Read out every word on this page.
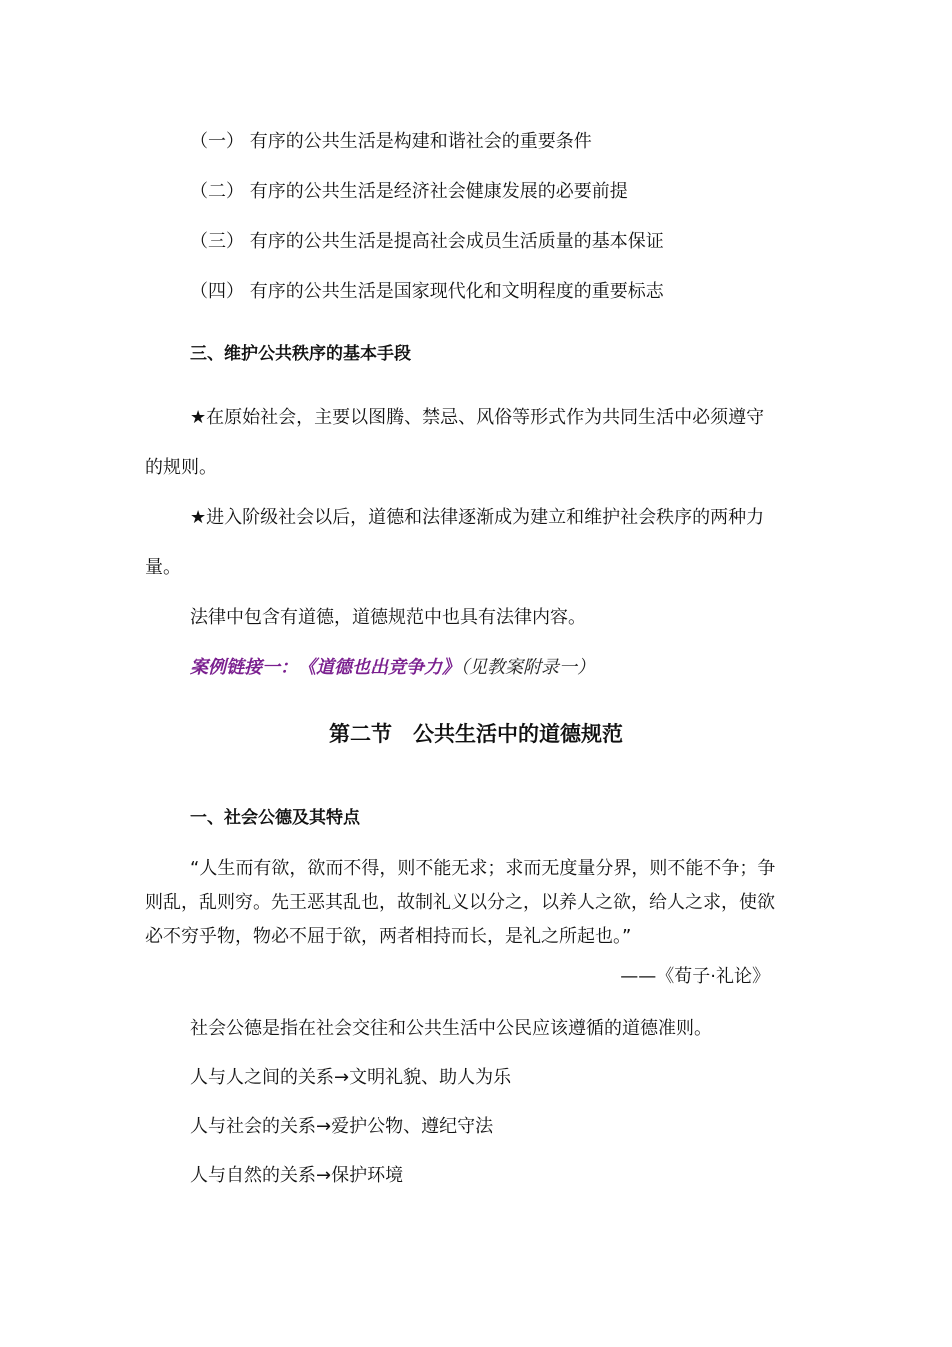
（一） 有序的公共生活是构建和谐社会的重要条件
（二） 有序的公共生活是经济社会健康发展的必要前提
（三） 有序的公共生活是提高社会成员生活质量的基本保证
（四） 有序的公共生活是国家现代化和文明程度的重要标志
三、维护公共秩序的基本手段
★在原始社会，主要以图腾、禁忌、风俗等形式作为共同生活中必须遵守
的规则。
★进入阶级社会以后，道德和法律逐渐成为建立和维护社会秩序的两种力
量。
法律中包含有道德，道德规范中也具有法律内容。
案例链接一：《道德也出竞争力》（见教案附录一）
第二节　公共生活中的道德规范
一、社会公德及其特点
“人生而有欲，欲而不得，则不能无求；求而无度量分界，则不能不争；争
则乱，乱则穷。先王恶其乱也，故制礼义以分之，以养人之欲，给人之求，使欲
必不穷乎物，物必不屈于欲，两者相持而长，是礼之所起也。”
——《荀子·礼论》
社会公德是指在社会交往和公共生活中公民应该遵循的道德准则。
人与人之间的关系→文明礼貌、助人为乐
人与社会的关系→爱护公物、遵纪守法
人与自然的关系→保护环境
